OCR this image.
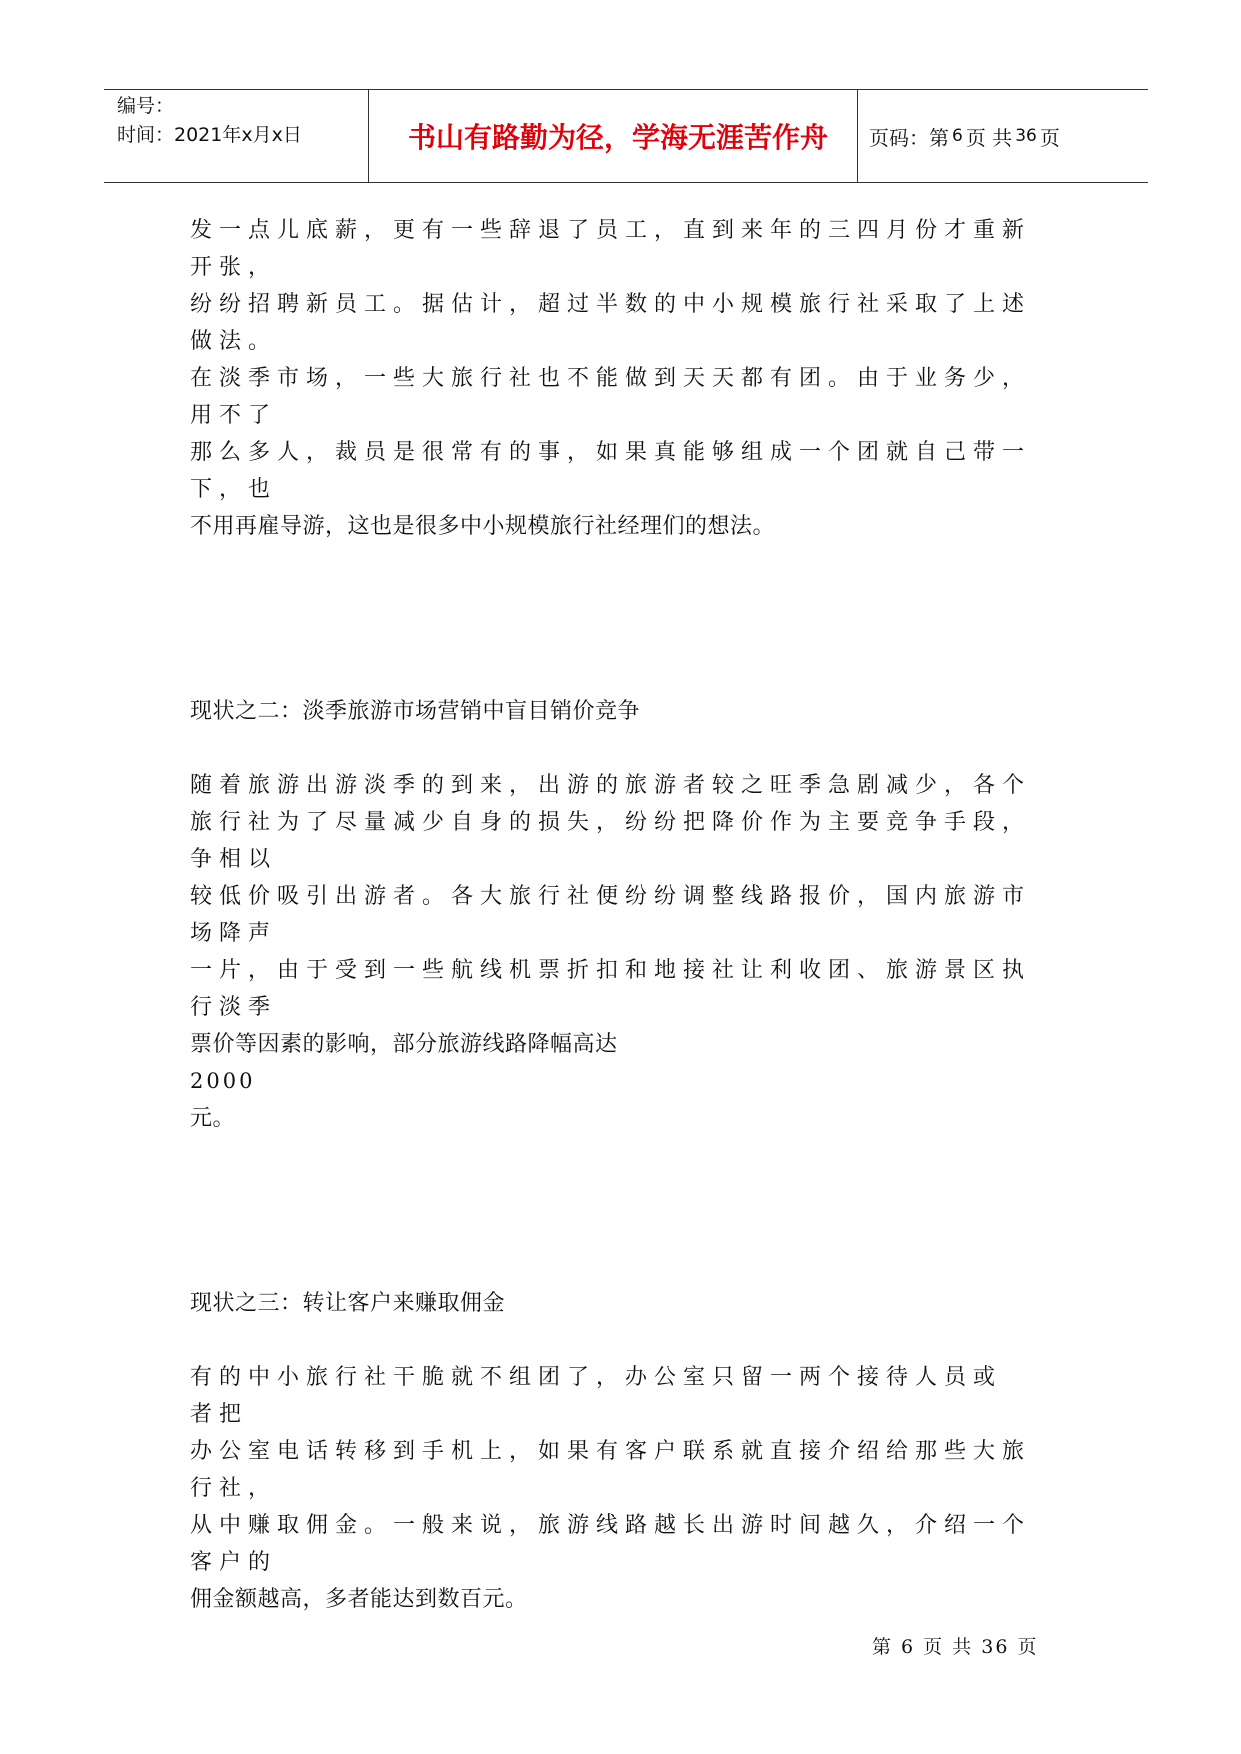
编号：
时间：2021年x月x日	书山有路勤为径，学海无涯苦作舟	页码：第 6 页 共 36 页
发一点儿底薪，更有一些辞退了员工，直到来年的三四月份才重新
开张，
纷纷招聘新员工。据估计，超过半数的中小规模旅行社采取了上述
做法。
在淡季市场，一些大旅行社也不能做到天天都有团。由于业务少，
用不了
那么多人，裁员是很常有的事，如果真能够组成一个团就自己带一
下，也
不用再雇导游，这也是很多中小规模旅行社经理们的想法。
现状之二：淡季旅游市场营销中盲目销价竞争
随着旅游出游淡季的到来，出游的旅游者较之旺季急剧减少，各个
旅行社为了尽量减少自身的损失，纷纷把降价作为主要竞争手段，
争相以
较低价吸引出游者。各大旅行社便纷纷调整线路报价，国内旅游市
场降声
一片，由于受到一些航线机票折扣和地接社让利收团、旅游景区执
行淡季
票价等因素的影响，部分旅游线路降幅高达
2000
元。
现状之三：转让客户来赚取佣金
有的中小旅行社干脆就不组团了，办公室只留一两个接待人员或
者把
办公室电话转移到手机上，如果有客户联系就直接介绍给那些大旅
行社，
从中赚取佣金。一般来说，旅游线路越长出游时间越久，介绍一个
客户的
佣金额越高，多者能达到数百元。
第 6 页 共 36 页
